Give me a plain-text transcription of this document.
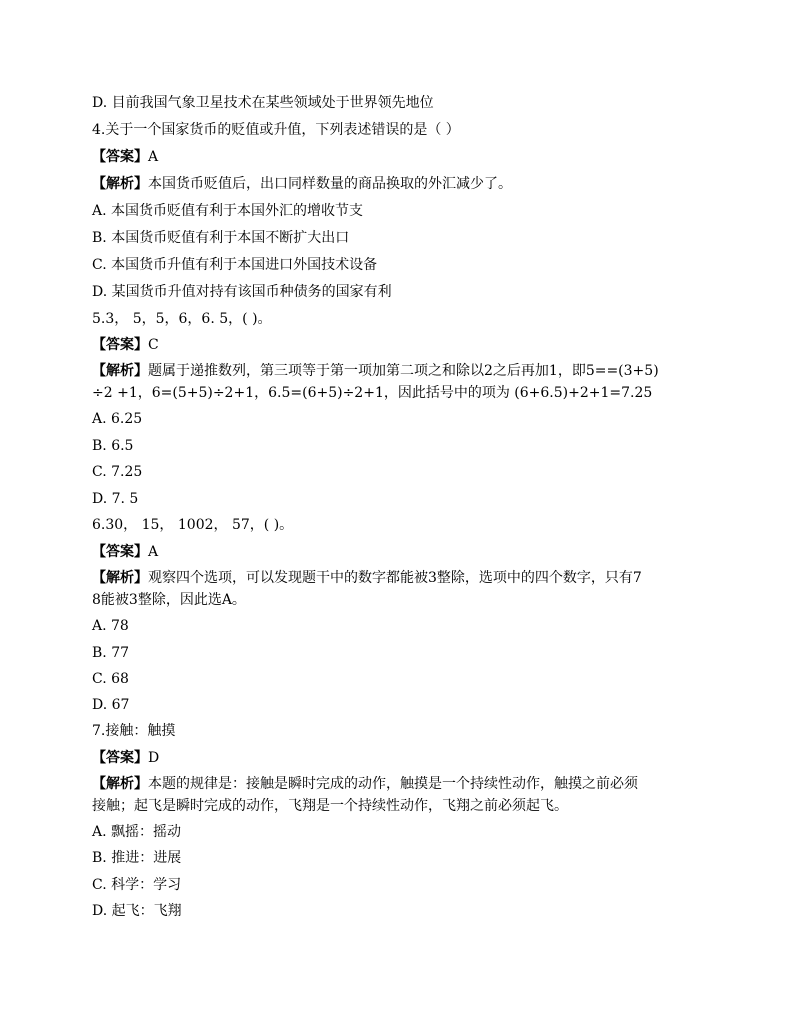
D. 目前我国气象卫星技术在某些领域处于世界领先地位
4.关于一个国家货币的贬值或升值，下列表述错误的是（ ）
【答案】A
【解析】本国货币贬值后，出口同样数量的商品换取的外汇减少了。
A. 本国货币贬值有利于本国外汇的增收节支
B. 本国货币贬值有利于本国不断扩大出口
C. 本国货币升值有利于本国进口外国技术设备
D. 某国货币升值对持有该国币种债务的国家有利
5.3， 5，5，6，6. 5，( )。
【答案】C
【解析】题属于递推数列，第三项等于第一项加第二项之和除以2之后再加1，即5==(3+5)
÷2 +1，6=(5+5)÷2+1，6.5=(6+5)÷2+1，因此括号中的项为 (6+6.5)+2+1=7.25
A. 6.25
B. 6.5
C. 7.25
D. 7. 5
6.30， 15， 1002， 57，( )。
【答案】A
【解析】观察四个选项，可以发现题干中的数字都能被3整除，选项中的四个数字，只有7
8能被3整除，因此选A。
A. 78
B. 77
C. 68
D. 67
7.接触：触摸
【答案】D
【解析】本题的规律是：接触是瞬时完成的动作，触摸是一个持续性动作，触摸之前必须
接触；起飞是瞬时完成的动作，飞翔是一个持续性动作，飞翔之前必须起飞。
A. 飘摇：摇动
B. 推进：进展
C. 科学：学习
D. 起飞：飞翔
